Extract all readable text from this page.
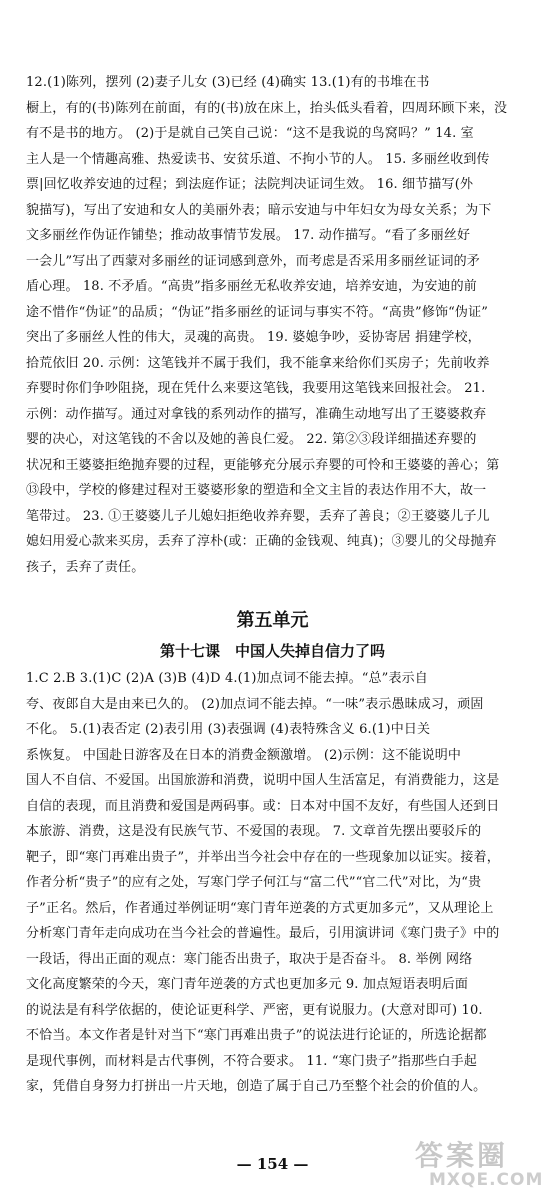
12.(1)陈列，摆列 (2)妻子儿女 (3)已经 (4)确实 13.(1)有的书堆在书
橱上，有的(书)陈列在前面，有的(书)放在床上，抬头低头看着，四周环顾下来，没
有不是书的地方。 (2)于是就自己笑自己说：“这不是我说的鸟窝吗？” 14. 室
主人是一个情趣高雅、热爱读书、安贫乐道、不拘小节的人。 15. 多丽丝收到传
票|回忆收养安迪的过程；到法庭作证；法院判决证词生效。 16. 细节描写(外
貌描写)，写出了安迪和女人的美丽外表；暗示安迪与中年妇女为母女关系；为下
文多丽丝作伪证作铺垫；推动故事情节发展。 17. 动作描写。“看了多丽丝好
一会儿”写出了西蒙对多丽丝的证词感到意外，而考虑是否采用多丽丝证词的矛
盾心理。 18. 不矛盾。“高贵”指多丽丝无私收养安迪，培养安迪，为安迪的前
途不惜作“伪证”的品质；“伪证”指多丽丝的证词与事实不符。“高贵”修饰“伪证”
突出了多丽丝人性的伟大，灵魂的高贵。 19. 婆媳争吵，妥协寄居 捐建学校，
拾荒依旧 20. 示例：这笔钱并不属于我们，我不能拿来给你们买房子；先前收养
弃婴时你们争吵阻挠，现在凭什么来要这笔钱，我要用这笔钱来回报社会。 21.
示例：动作描写。通过对拿钱的系列动作的描写，准确生动地写出了王婆婆救弃
婴的决心，对这笔钱的不舍以及她的善良仁爱。 22. 第②③段详细描述弃婴的
状况和王婆婆拒绝抛弃婴的过程，更能够充分展示弃婴的可怜和王婆婆的善心；第
⑬段中，学校的修建过程对王婆婆形象的塑造和全文主旨的表达作用不大，故一
笔带过。 23. ①王婆婆儿子儿媳妇拒绝收养弃婴，丢弃了善良；②王婆婆儿子儿
媳妇用爱心款来买房，丢弃了淳朴(或：正确的金钱观、纯真)；③婴儿的父母抛弃
孩子，丢弃了责任。
第五单元
第十七课　中国人失掉自信力了吗
1.C 2.B 3.(1)C (2)A (3)B (4)D 4.(1)加点词不能去掉。“总”表示自
夸、夜郎自大是由来已久的。 (2)加点词不能去掉。“一味”表示愚昧成习，顽固
不化。 5.(1)表否定 (2)表引用 (3)表强调 (4)表特殊含义 6.(1)中日关
系恢复。 中国赴日游客及在日本的消费金额激增。 (2)示例：这不能说明中
国人不自信、不爱国。出国旅游和消费，说明中国人生活富足，有消费能力，这是
自信的表现，而且消费和爱国是两码事。或：日本对中国不友好，有些国人还到日
本旅游、消费，这是没有民族气节、不爱国的表现。 7. 文章首先摆出要驳斥的
靶子，即“寒门再难出贵子”，并举出当今社会中存在的一些现象加以证实。接着，
作者分析“贵子”的应有之处，写寒门学子何江与“富二代”“官二代”对比，为“贵
子”正名。然后，作者通过举例证明“寒门青年逆袭的方式更加多元”，又从理论上
分析寒门青年走向成功在当今社会的普遍性。最后，引用演讲词《寒门贵子》中的
一段话，得出正面的观点：寒门能否出贵子，取决于是否奋斗。 8. 举例 网络
文化高度繁荣的今天，寒门青年逆袭的方式也更加多元 9. 加点短语表明后面
的说法是有科学依据的，使论证更科学、严密，更有说服力。(大意对即可) 10.
不恰当。本文作者是针对当下“寒门再难出贵子”的说法进行论证的，所选论据都
是现代事例，而材料是古代事例，不符合要求。 11. “寒门贵子”指那些白手起
家，凭借自身努力打拼出一片天地，创造了属于自己乃至整个社会的价值的人。
— 154 —	答案圈
MXQE.COM
